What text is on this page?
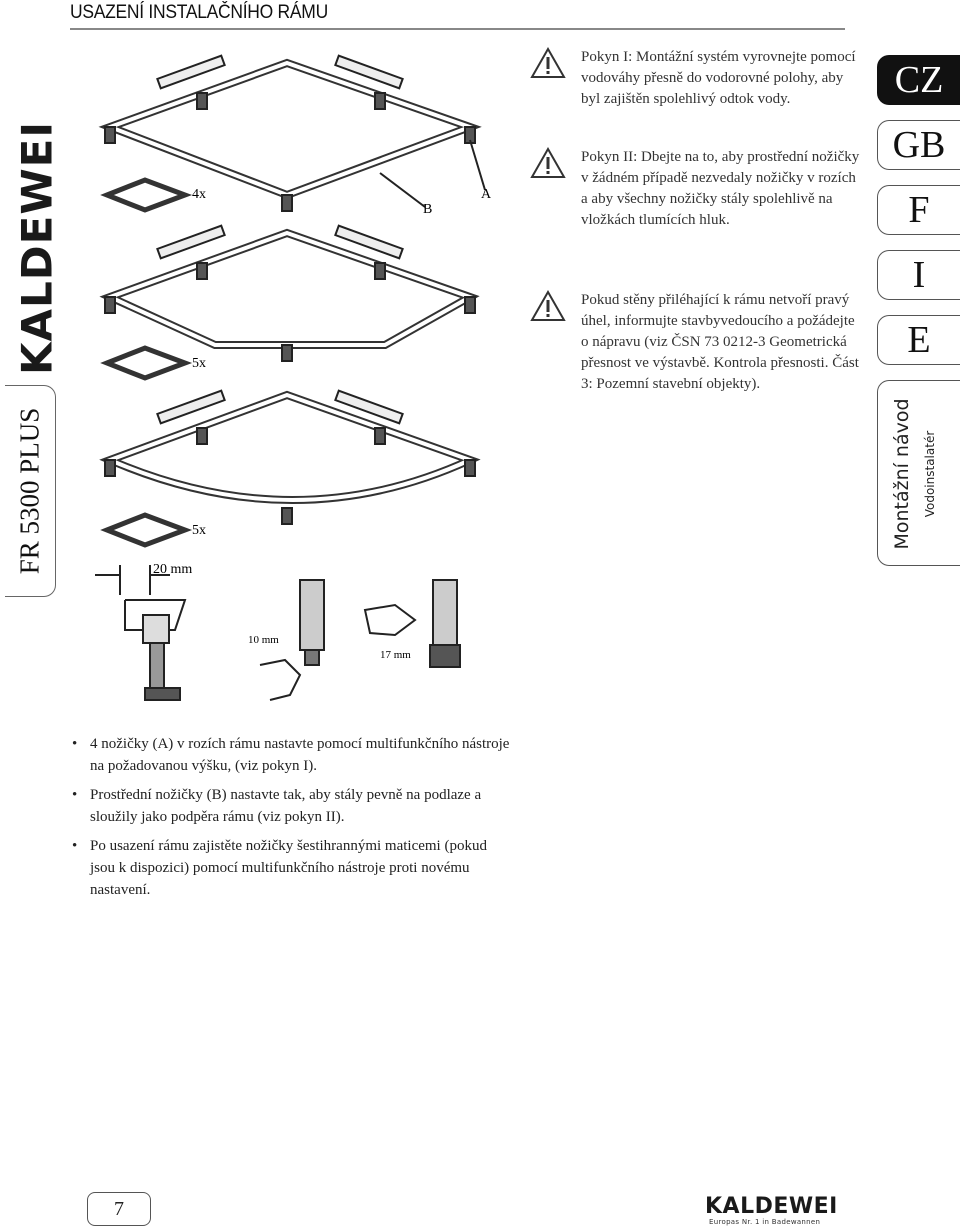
USAZENÍ INSTALAČNÍHO RÁMU
KALDEWEI
FR 5300 PLUS
CZ
GB
F
I
E
Montážní návod Vodoinstalatér
4x
5x
5x
B
A
20 mm
10 mm
17 mm

Pokyn I: Montážní systém vyrovnejte pomocí vodováhy přesně do vodorovné polohy, aby byl zajištěn spolehlivý odtok vody.

Pokyn II: Dbejte na to, aby prostřední nožičky v žádném případě nezvedaly nožičky v rozích a aby všechny nožičky stály spolehlivě na vložkách tlumících hluk.

Pokud stěny přiléhající k rámu netvoří pravý úhel, informujte stavbyvedoucího a požádejte o nápravu (viz ČSN 73 0212-3 Geometrická přesnost ve výstavbě. Kontrola přesnosti. Část 3: Pozemní stavební objekty).

• 4 nožičky (A) v rozích rámu nastavte pomocí multifunkčního nástroje na požadovanou výšku, (viz pokyn I).
• Prostřední nožičky (B) nastavte tak, aby stály pevně na podlaze a sloužily jako podpěra rámu (viz pokyn II).
• Po usazení rámu zajistěte nožičky šestihrannými maticemi (pokud jsou k dispozici) pomocí multifunkčního nástroje proti novému nastavení.
7	KALDEWEI
Europas Nr. 1 in Badewannen
